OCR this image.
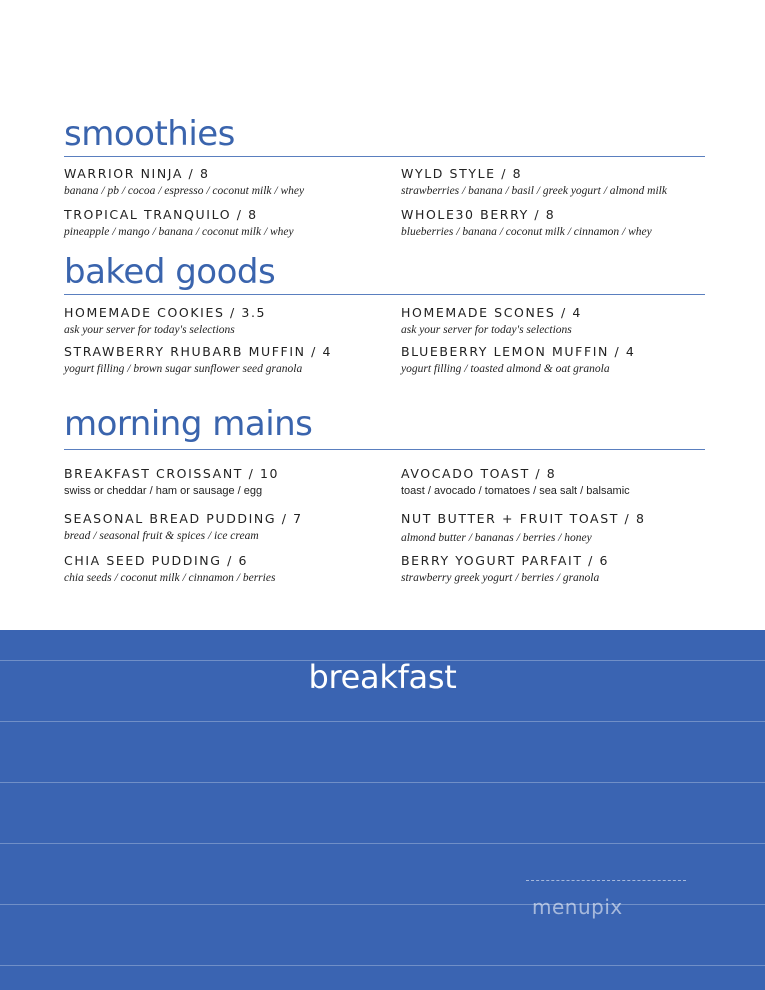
smoothies
WARRIOR NINJA / 8
banana / pb / cocoa / espresso / coconut milk / whey
WYLD STYLE / 8
strawberries / banana / basil / greek yogurt / almond milk
TROPICAL TRANQUILO / 8
pineapple / mango / banana / coconut milk / whey
WHOLE30 BERRY / 8
blueberries / banana / coconut milk / cinnamon / whey
baked goods
HOMEMADE COOKIES / 3.5
ask your server for today's selections
HOMEMADE SCONES / 4
ask your server for today's selections
STRAWBERRY RHUBARB MUFFIN / 4
yogurt filling / brown sugar sunflower seed granola
BLUEBERRY LEMON MUFFIN / 4
yogurt filling / toasted almond & oat granola
morning mains
BREAKFAST CROISSANT / 10
swiss or cheddar / ham or sausage / egg
AVOCADO TOAST / 8
toast / avocado / tomatoes / sea salt / balsamic
SEASONAL BREAD PUDDING / 7
bread / seasonal fruit & spices / ice cream
NUT BUTTER + FRUIT TOAST / 8
almond butter / bananas / berries / honey
CHIA SEED PUDDING / 6
chia seeds / coconut milk / cinnamon / berries
BERRY YOGURT PARFAIT / 6
strawberry greek yogurt / berries / granola
breakfast
menupix
